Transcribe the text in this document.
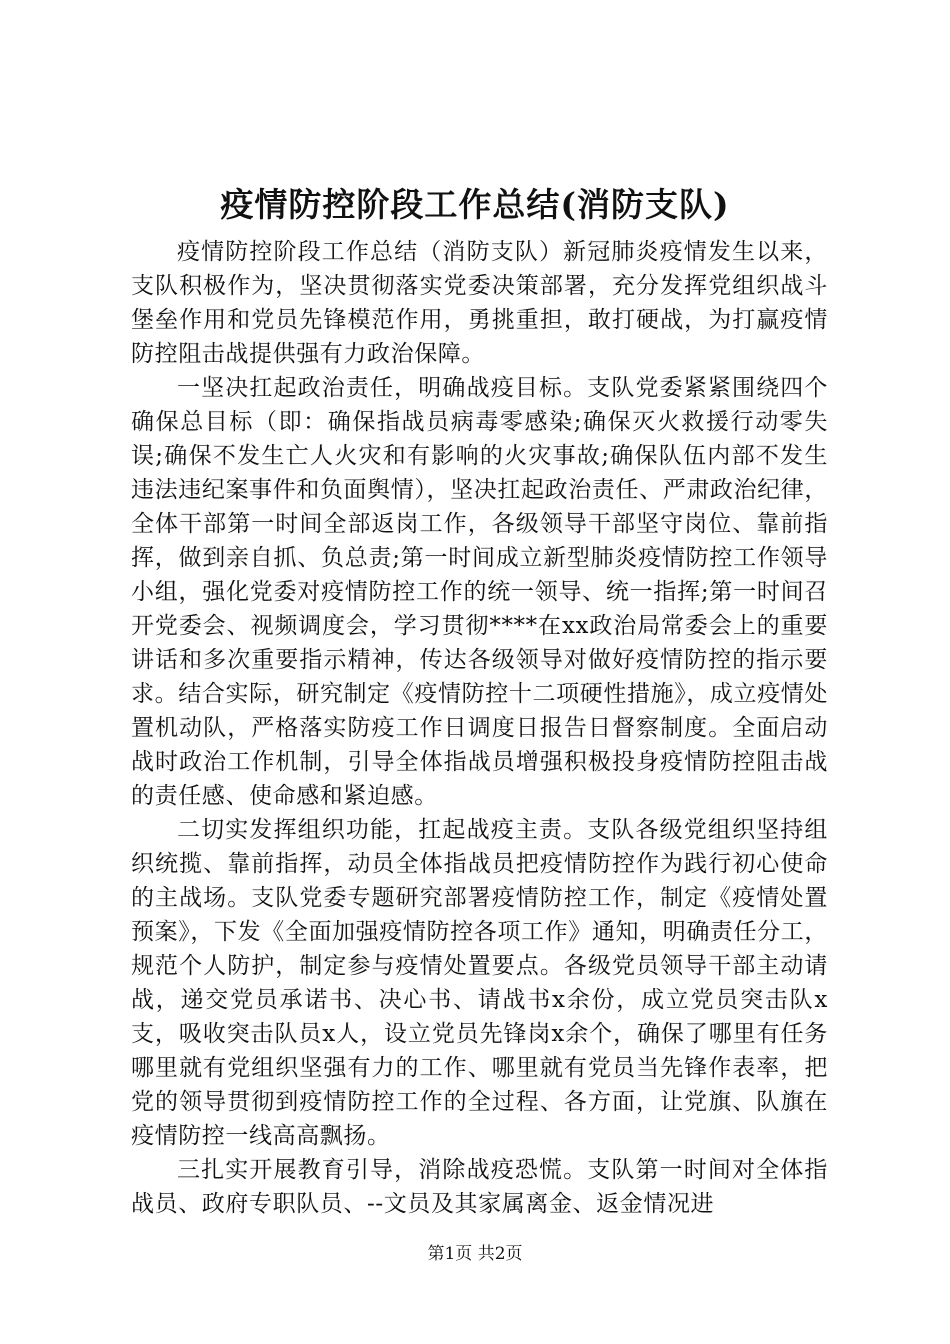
疫情防控阶段工作总结(消防支队)

疫情防控阶段工作总结（消防支队）新冠肺炎疫情发生以来，支队积极作为，坚决贯彻落实党委决策部署，充分发挥党组织战斗堡垒作用和党员先锋模范作用，勇挑重担，敢打硬战，为打赢疫情防控阻击战提供强有力政治保障。

一坚决扛起政治责任，明确战疫目标。支队党委紧紧围绕四个确保总目标（即：确保指战员病毒零感染;确保灭火救援行动零失误;确保不发生亡人火灾和有影响的火灾事故;确保队伍内部不发生违法违纪案事件和负面舆情），坚决扛起政治责任、严肃政治纪律，全体干部第一时间全部返岗工作，各级领导干部坚守岗位、靠前指挥，做到亲自抓、负总责;第一时间成立新型肺炎疫情防控工作领导小组，强化党委对疫情防控工作的统一领导、统一指挥;第一时间召开党委会、视频调度会，学习贯彻****在xx政治局常委会上的重要讲话和多次重要指示精神，传达各级领导对做好疫情防控的指示要求。结合实际，研究制定《疫情防控十二项硬性措施》，成立疫情处置机动队，严格落实防疫工作日调度日报告日督察制度。全面启动战时政治工作机制，引导全体指战员增强积极投身疫情防控阻击战的责任感、使命感和紧迫感。

二切实发挥组织功能，扛起战疫主责。支队各级党组织坚持组织统揽、靠前指挥，动员全体指战员把疫情防控作为践行初心使命的主战场。支队党委专题研究部署疫情防控工作，制定《疫情处置预案》，下发《全面加强疫情防控各项工作》通知，明确责任分工，规范个人防护，制定参与疫情处置要点。各级党员领导干部主动请战，递交党员承诺书、决心书、请战书x余份，成立党员突击队x支，吸收突击队员x人，设立党员先锋岗x余个，确保了哪里有任务哪里就有党组织坚强有力的工作、哪里就有党员当先锋作表率，把党的领导贯彻到疫情防控工作的全过程、各方面，让党旗、队旗在疫情防控一线高高飘扬。

三扎实开展教育引导，消除战疫恐慌。支队第一时间对全体指战员、政府专职队员、--文员及其家属离金、返金情况进

第1页 共2页
